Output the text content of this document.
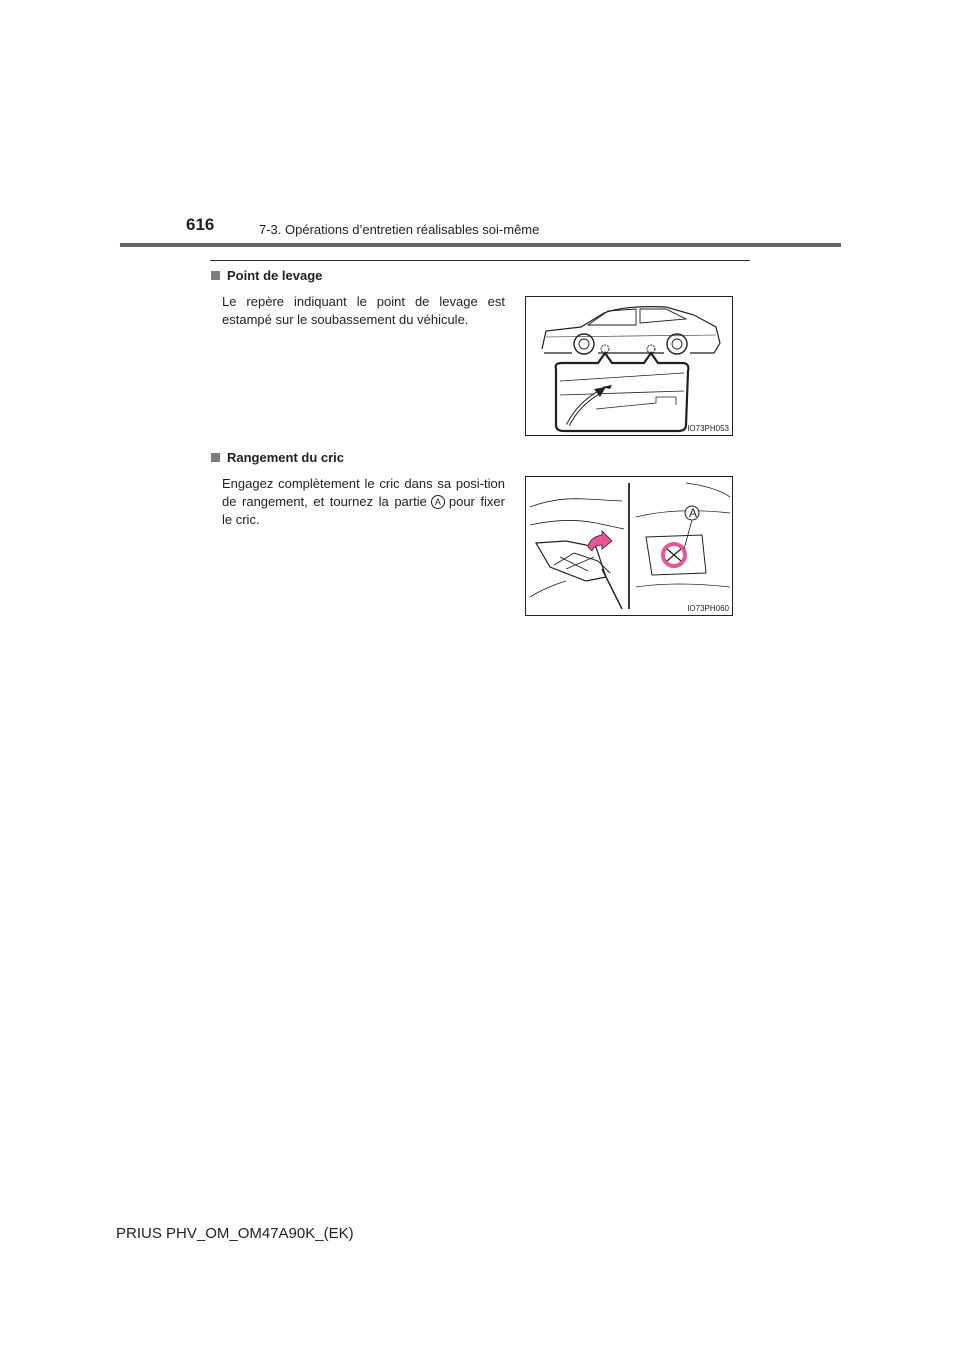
616	7-3. Opérations d’entretien réalisables soi-même
Point de levage
Le repère indiquant le point de levage est estampé sur le soubassement du véhicule.
IO73PH053
Rangement du cric
Engagez complètement le cric dans sa posi-tion de rangement, et tournez la partie A pour fixer le cric.	A
IO73PH060
PRIUS PHV_OM_OM47A90K_(EK)
